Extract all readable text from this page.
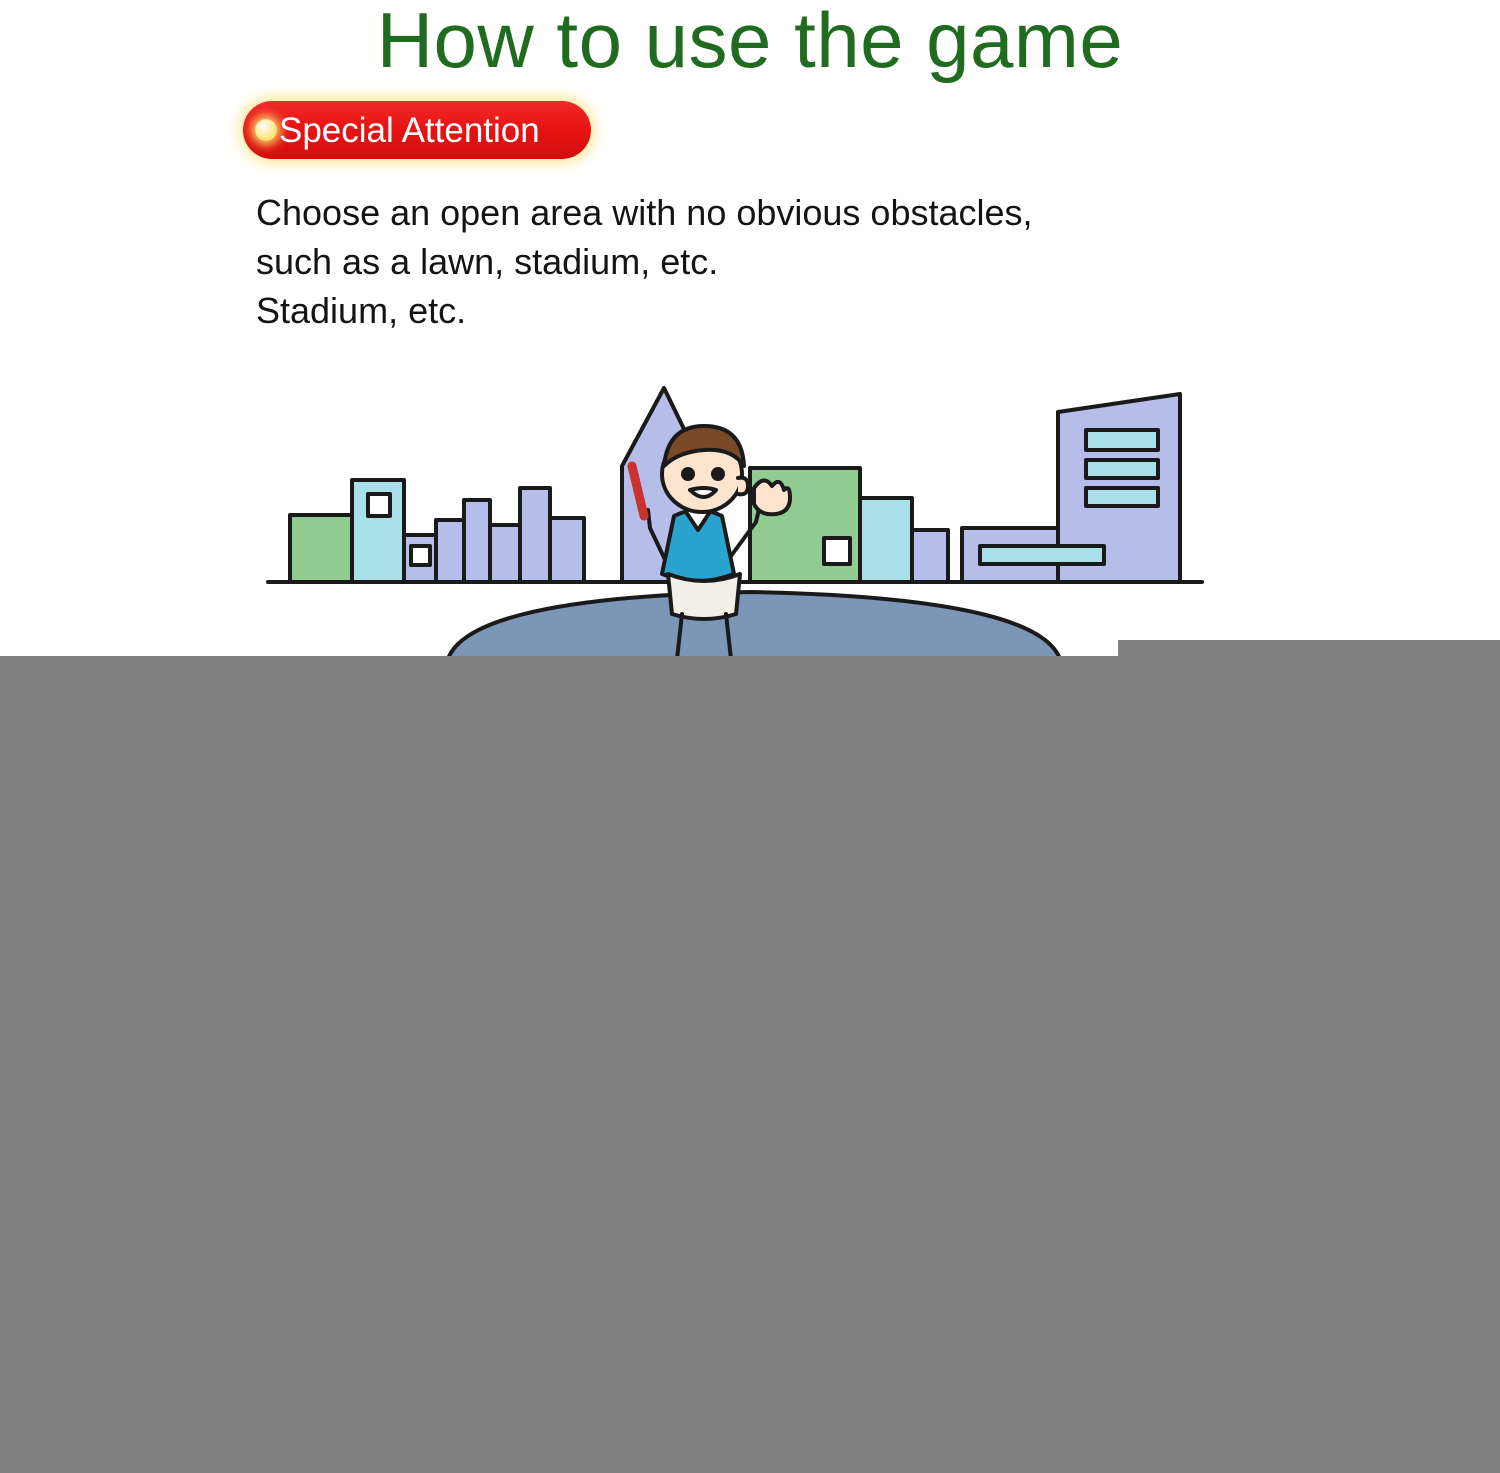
How to use the game
Special Attention
Choose an open area with no obvious obstacles,
such as a lawn, stadium, etc.
Stadium, etc.
